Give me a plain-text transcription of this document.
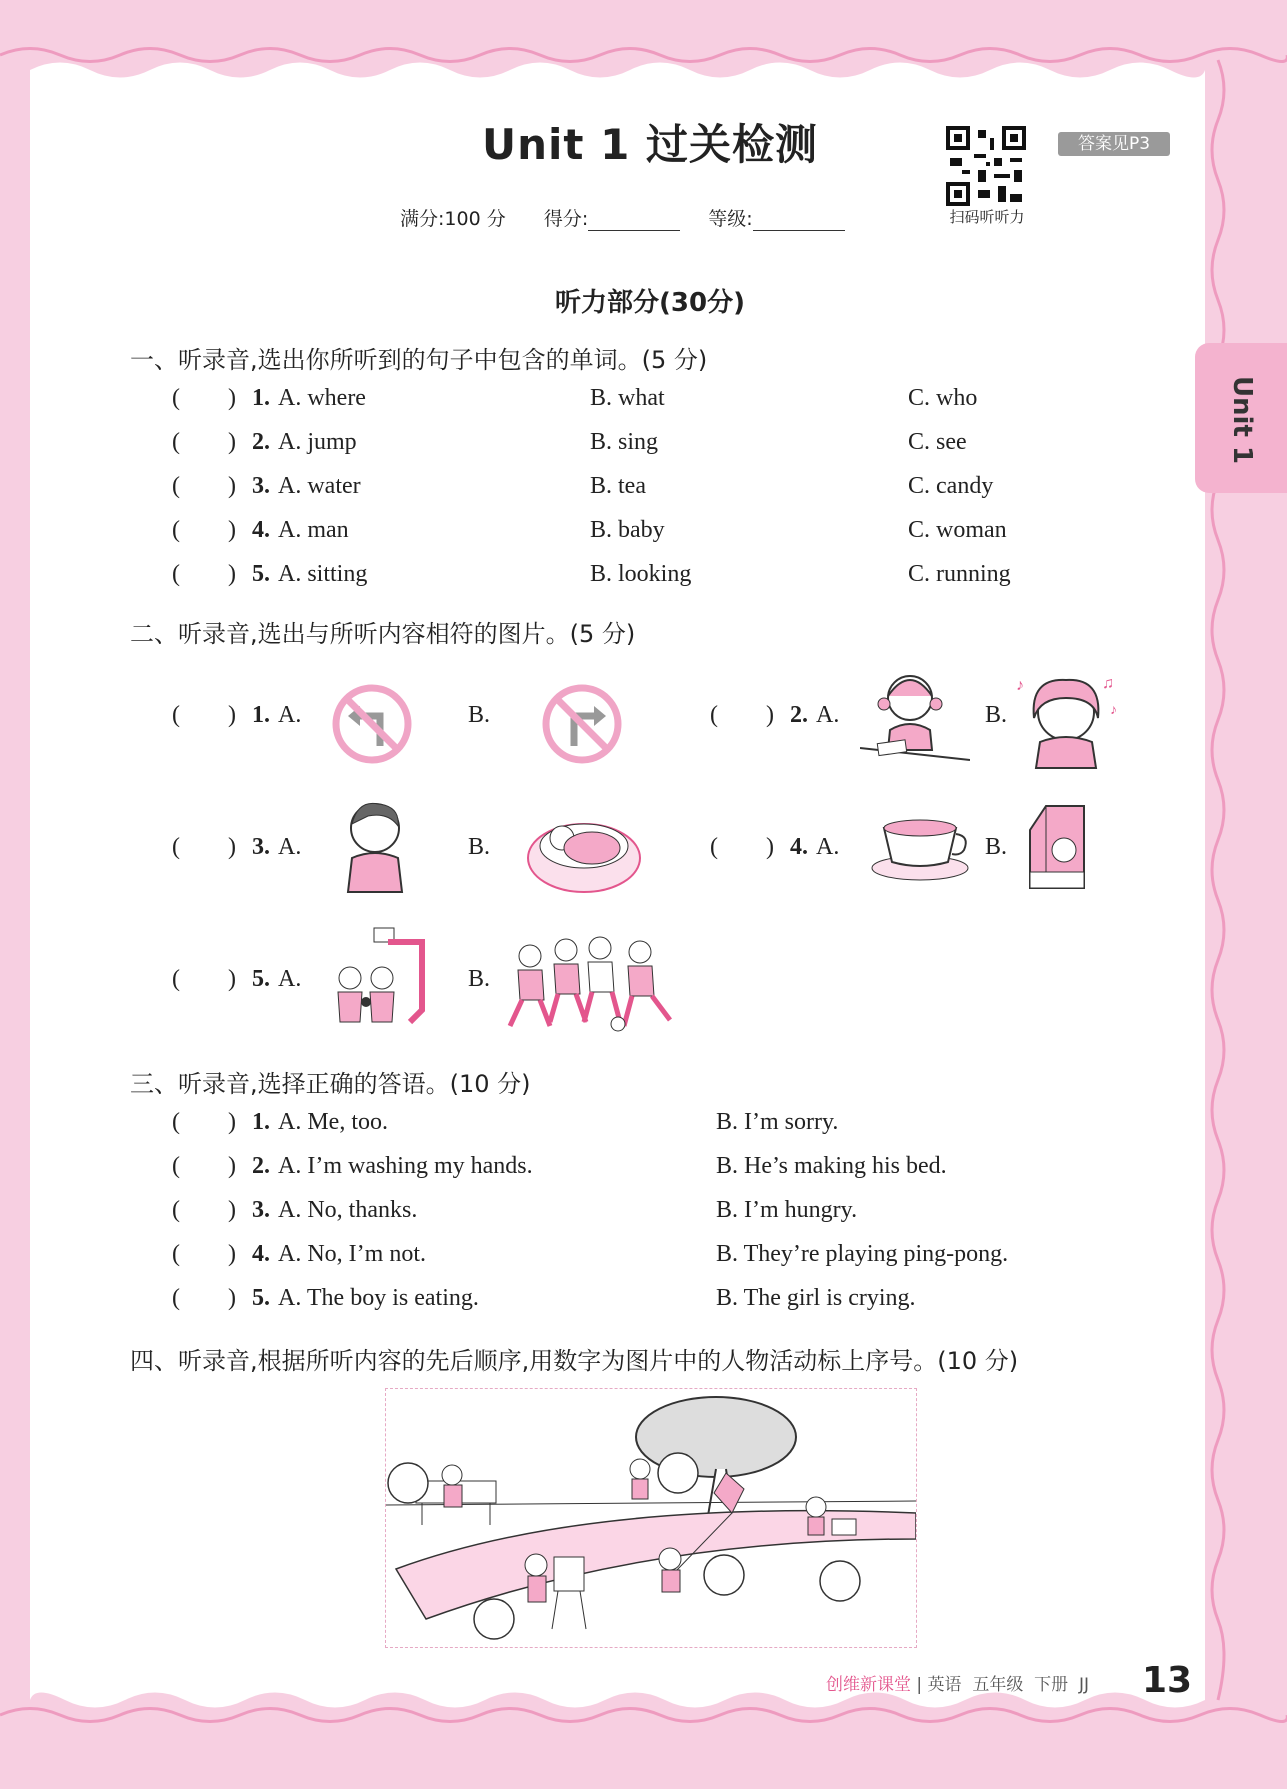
Unit 1 过关检测	答案见P3
扫码听听力
满分:100 分 得分:	等级:
Unit 1
听力部分(30分)
一、听录音,选出你所听到的句子中包含的单词。(5 分)
(        ) 1. A. where	B. what	C. who
(        ) 2. A. jump	B. sing	C. see
(        ) 3. A. water	B. tea	C. candy
(        ) 4. A. man	B. baby	C. woman
(        ) 5. A. sitting	B. looking	C. running
二、听录音,选出与所听内容相符的图片。(5 分)
(        ) 1. A.	B.	(        ) 2. A.	B.
♪	♫
♪
(        ) 3. A.	B.	(        ) 4. A.	B.
(        ) 5. A.	B.
三、听录音,选择正确的答语。(10 分)
(        ) 1. A. Me, too.	B. I’m sorry.
(        ) 2. A. I’m washing my hands.	B. He’s making his bed.
(        ) 3. A. No, thanks.	B. I’m hungry.
(        ) 4. A. No, I’m not.	B. They’re playing ping-pong.
(        ) 5. A. The boy is eating.	B. The girl is crying.
四、听录音,根据所听内容的先后顺序,用数字为图片中的人物活动标上序号。(10 分)
创维新课堂 | 英语 五年级 下册 JJ 13
